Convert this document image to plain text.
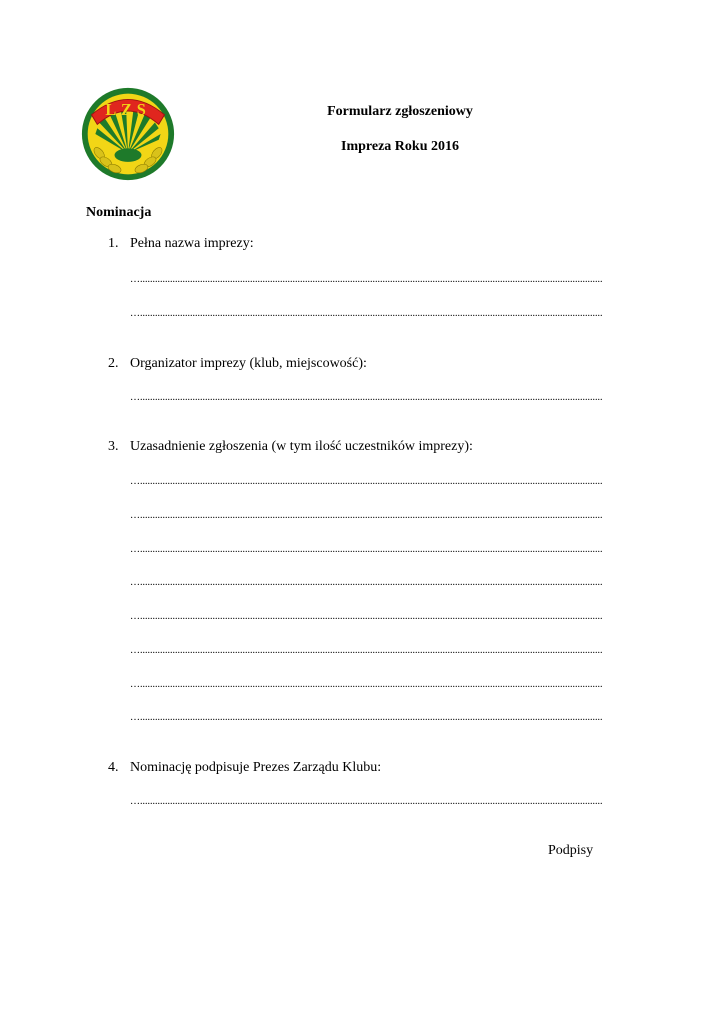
LZS	Formularz zgłoszeniowy
Impreza Roku 2016
Nominacja
1. Pełna nazwa imprezy:
….........................................................................................................................................................................................
….........................................................................................................................................................................................
2. Organizator imprezy (klub, miejscowość):
….........................................................................................................................................................................................
3. Uzasadnienie zgłoszenia (w tym ilość uczestników imprezy):
….........................................................................................................................................................................................
….........................................................................................................................................................................................
….........................................................................................................................................................................................
….........................................................................................................................................................................................
….........................................................................................................................................................................................
….........................................................................................................................................................................................
….........................................................................................................................................................................................
….........................................................................................................................................................................................
4. Nominację podpisuje Prezes Zarządu Klubu:
….........................................................................................................................................................................................
Podpisy
